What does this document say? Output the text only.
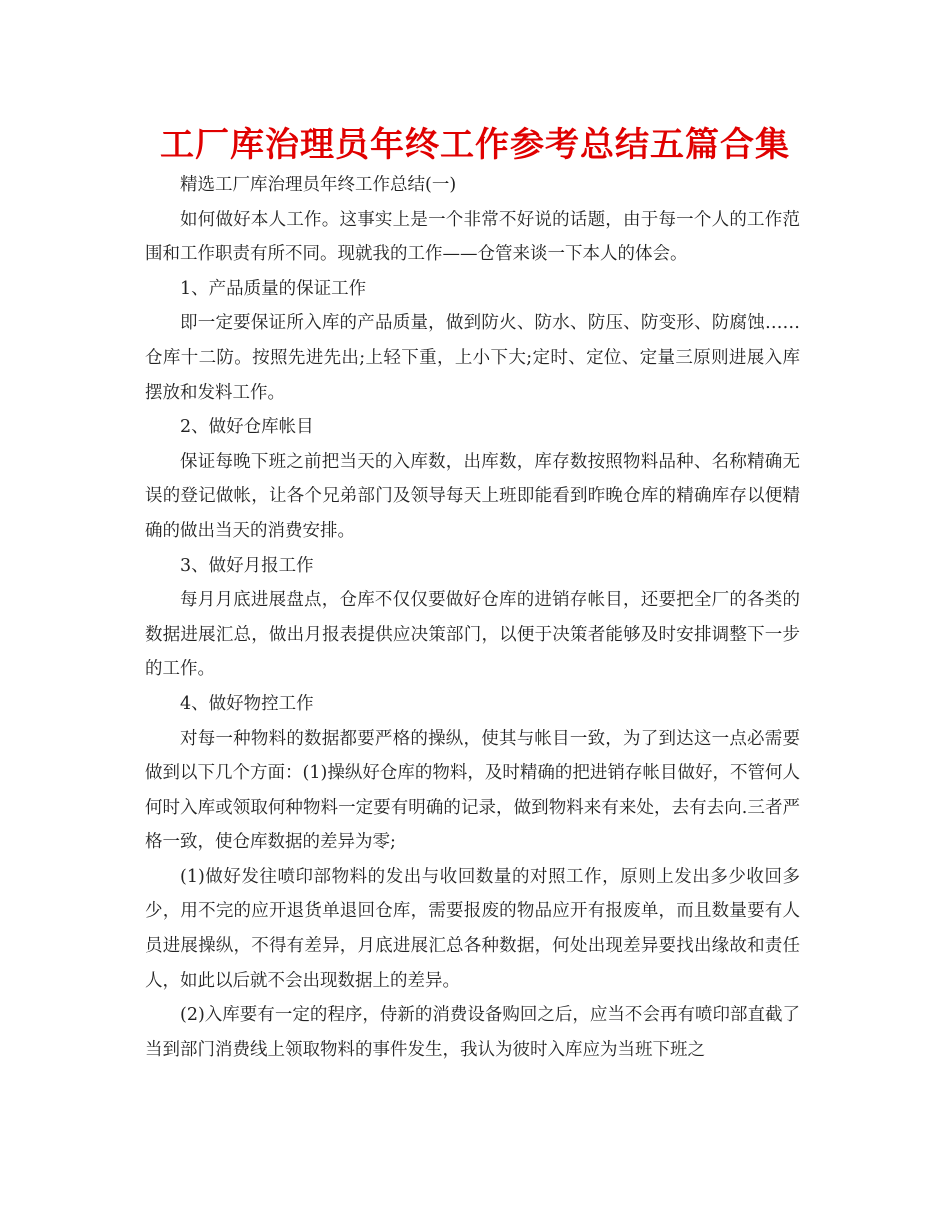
工厂库治理员年终工作参考总结五篇合集

精选工厂库治理员年终工作总结(一)

如何做好本人工作。这事实上是一个非常不好说的话题，由于每一个人的工作范围和工作职责有所不同。现就我的工作——仓管来谈一下本人的体会。

1、产品质量的保证工作

即一定要保证所入库的产品质量，做到防火、防水、防压、防变形、防腐蚀……仓库十二防。按照先进先出;上轻下重，上小下大;定时、定位、定量三原则进展入库摆放和发料工作。

2、做好仓库帐目

保证每晚下班之前把当天的入库数，出库数，库存数按照物料品种、名称精确无误的登记做帐，让各个兄弟部门及领导每天上班即能看到昨晚仓库的精确库存以便精确的做出当天的消费安排。

3、做好月报工作

每月月底进展盘点，仓库不仅仅要做好仓库的进销存帐目，还要把全厂的各类的数据进展汇总，做出月报表提供应决策部门，以便于决策者能够及时安排调整下一步的工作。

4、做好物控工作

对每一种物料的数据都要严格的操纵，使其与帐目一致，为了到达这一点必需要做到以下几个方面：(1)操纵好仓库的物料，及时精确的把进销存帐目做好，不管何人何时入库或领取何种物料一定要有明确的记录，做到物料来有来处，去有去向.三者严格一致，使仓库数据的差异为零;

(1)做好发往喷印部物料的发出与收回数量的对照工作，原则上发出多少收回多少，用不完的应开退货单退回仓库，需要报废的物品应开有报废单，而且数量要有人员进展操纵，不得有差异，月底进展汇总各种数据，何处出现差异要找出缘故和责任人，如此以后就不会出现数据上的差异。

(2)入库要有一定的程序，侍新的消费设备购回之后，应当不会再有喷印部直截了当到部门消费线上领取物料的事件发生，我认为彼时入库应为当班下班之
